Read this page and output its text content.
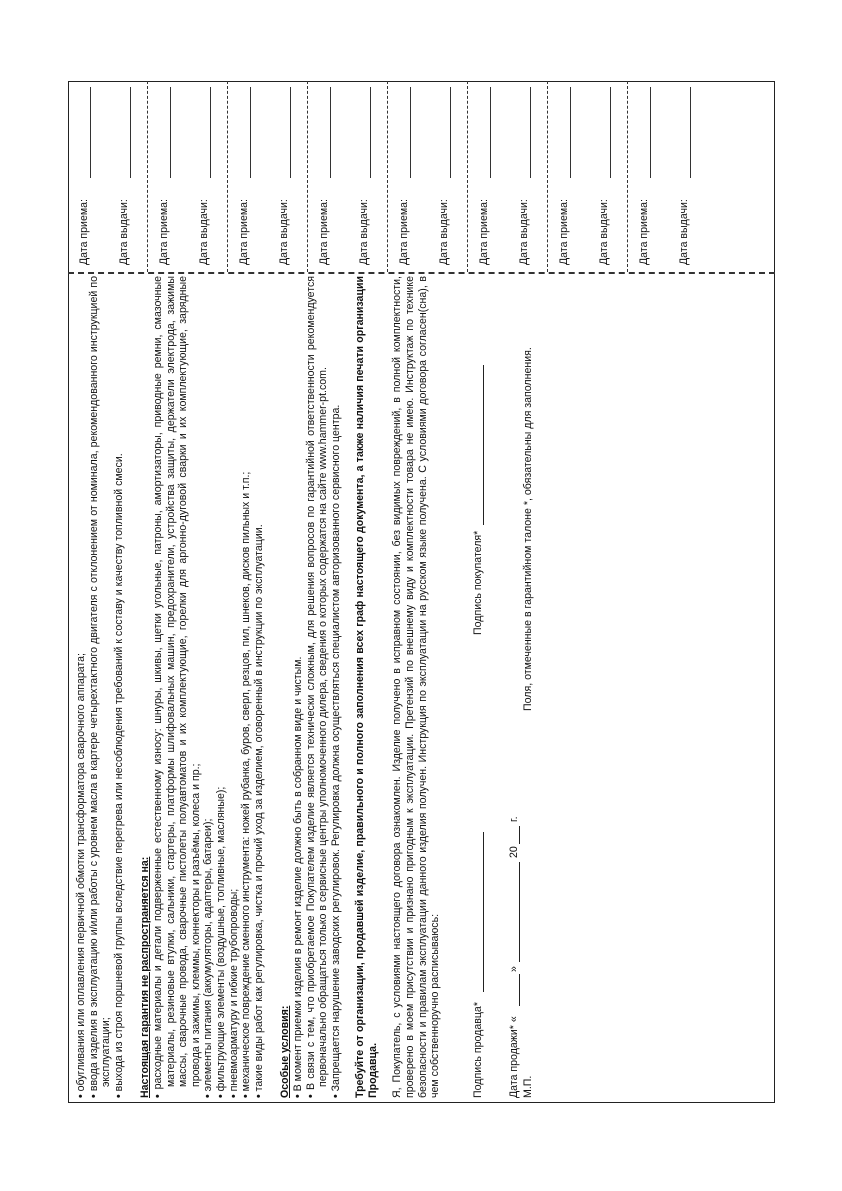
• обугливания или оплавления первичной обмотки трансформатора сварочного аппарата; • ввода изделия в эксплуатацию и/или работы с уровнем масла в картере четырехтактного двигателя с отклонением от номинала, рекомендованного инструкцией по эксплуатации; • выхода из строя поршневой группы вследствие перегрева или несоблюдения требований к составу и качеству топливной смеси. Настоящая гарантия не распространяется на: • расходные материалы и детали подверженные естественному износу: шнуры, шкивы, щетки угольные, патроны, амортизаторы, приводные ремни, смазочные материалы, резиновые втулки, сальники, стартеры, платформы шлифовальных машин, предохранители, устройства защиты, держатели электрода, зажимы массы, сварочные провода, сварочные пистолеты полуавтоматов и их комплектующие, горелки для аргонно-дуговой сварки и их комплектующие, зарядные провода и зажимы, клеммы, коннекторы и разъёмы, колеса и пр.; • элементы питания (аккумуляторы, адаптеры, батареи); • фильтрующие элементы (воздушные, топливные, масляные); • пневмоарматуру и гибкие трубопроводы; • механическое повреждение сменного инструмента: ножей рубанка, буров, сверл, резцов, пил, шнеков, дисков пильных и т.п.; • такие виды работ как регулировка, чистка и прочий уход за изделием, оговоренный в инструкции по эксплуатации. Особые условия: • В момент приемки изделия в ремонт изделие должно быть в собранном виде и чистым. • В связи с тем, что приобретаемое Покупателем изделие является технически сложным, для решения вопросов по гарантийной ответственности рекомендуется первоначально обращаться только в сервисные центры уполномоченного дилера, сведения о которых содержатся на сайте www.hammer-pt.com. • Запрещается нарушение заводских регулировок. Регулировка должна осуществляться специалистом авторизованного сервисного центра. Требуйте от организации, продавшей изделие, правильного и полного заполнения всех граф настоящего документа, а также наличия печати организации Продавца. Я, Покупатель, с условиями настоящего договора ознакомлен. Изделие получено в исправном состоянии, без видимых повреждений, в полной комплектности, проверено в моем присутствии и признано пригодным к эксплуатации. Претензий по внешнему виду и комплектности товара не имею. Инструктаж по технике безопасности и правилам эксплуатации данного изделия получен. Инструкция по эксплуатации на русском языке получена. С условиями договора согласен(сна), в чем собственноручно расписываюсь:	Подпись продавца*
Подпись покупателя*
Дата продажи* «
»
20
г.
М.П.
Поля, отмеченные в гарантийном талоне *, обязательны для заполнения.
Дата приема:	Дата выдачи:	Дата приема:	Дата выдачи:	Дата приема:	Дата выдачи:	Дата приема:	Дата выдачи:	Дата приема:	Дата выдачи:	Дата приема:	Дата выдачи:	Дата приема:	Дата выдачи:	Дата приема:	Дата выдачи:
